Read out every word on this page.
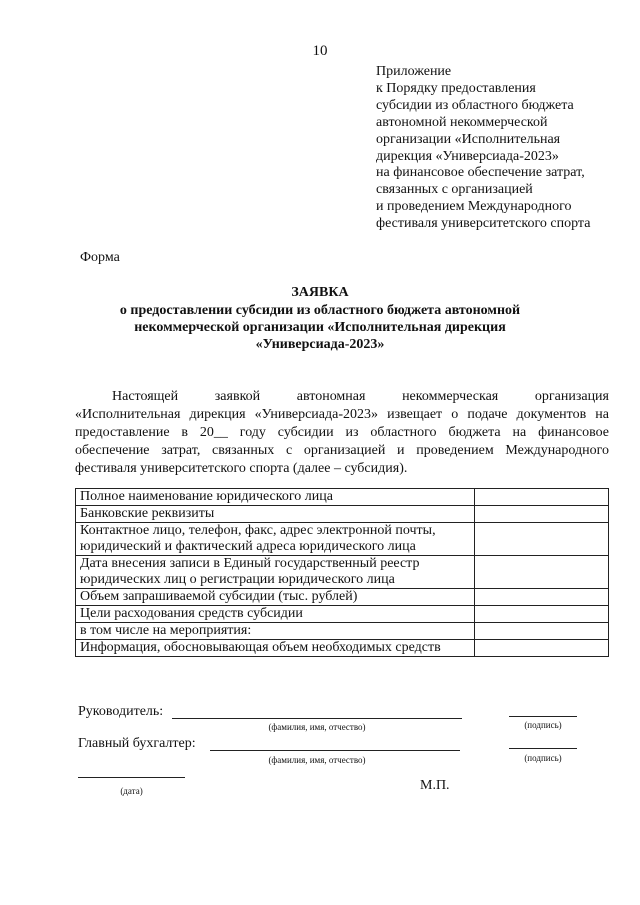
10
Приложение
к Порядку предоставления
субсидии из областного бюджета
автономной некоммерческой
организации «Исполнительная
дирекция «Универсиада-2023»
на финансовое обеспечение затрат,
связанных с организацией
и проведением Международного
фестиваля университетского спорта
Форма
ЗАЯВКА
о предоставлении субсидии из областного бюджета автономной
некоммерческой организации «Исполнительная дирекция
«Универсиада-2023»
Настоящей заявкой автономная некоммерческая организация
«Исполнительная дирекция «Универсиада-2023» извещает о подаче документов на
предоставление в 20__ году субсидии из областного бюджета на финансовое
обеспечение затрат, связанных с организацией и проведением Международного
фестиваля университетского спорта (далее – субсидия).
Полное наименование юридического лица	

Банковские реквизиты	

Контактное лицо, телефон, факс, адрес электронной почты,
юридический и фактический адреса юридического лица	

Дата внесения записи в Единый государственный реестр
юридических лиц о регистрации юридического лица	

Объем запрашиваемой субсидии (тыс. рублей)	

Цели расходования средств субсидии	

в том числе на мероприятия:	

Информация, обосновывающая объем необходимых средств	

Руководитель:
(фамилия, имя, отчество)	(подпись)
Главный бухгалтер:
(фамилия, имя, отчество)	(подпись)
(дата)	М.П.
